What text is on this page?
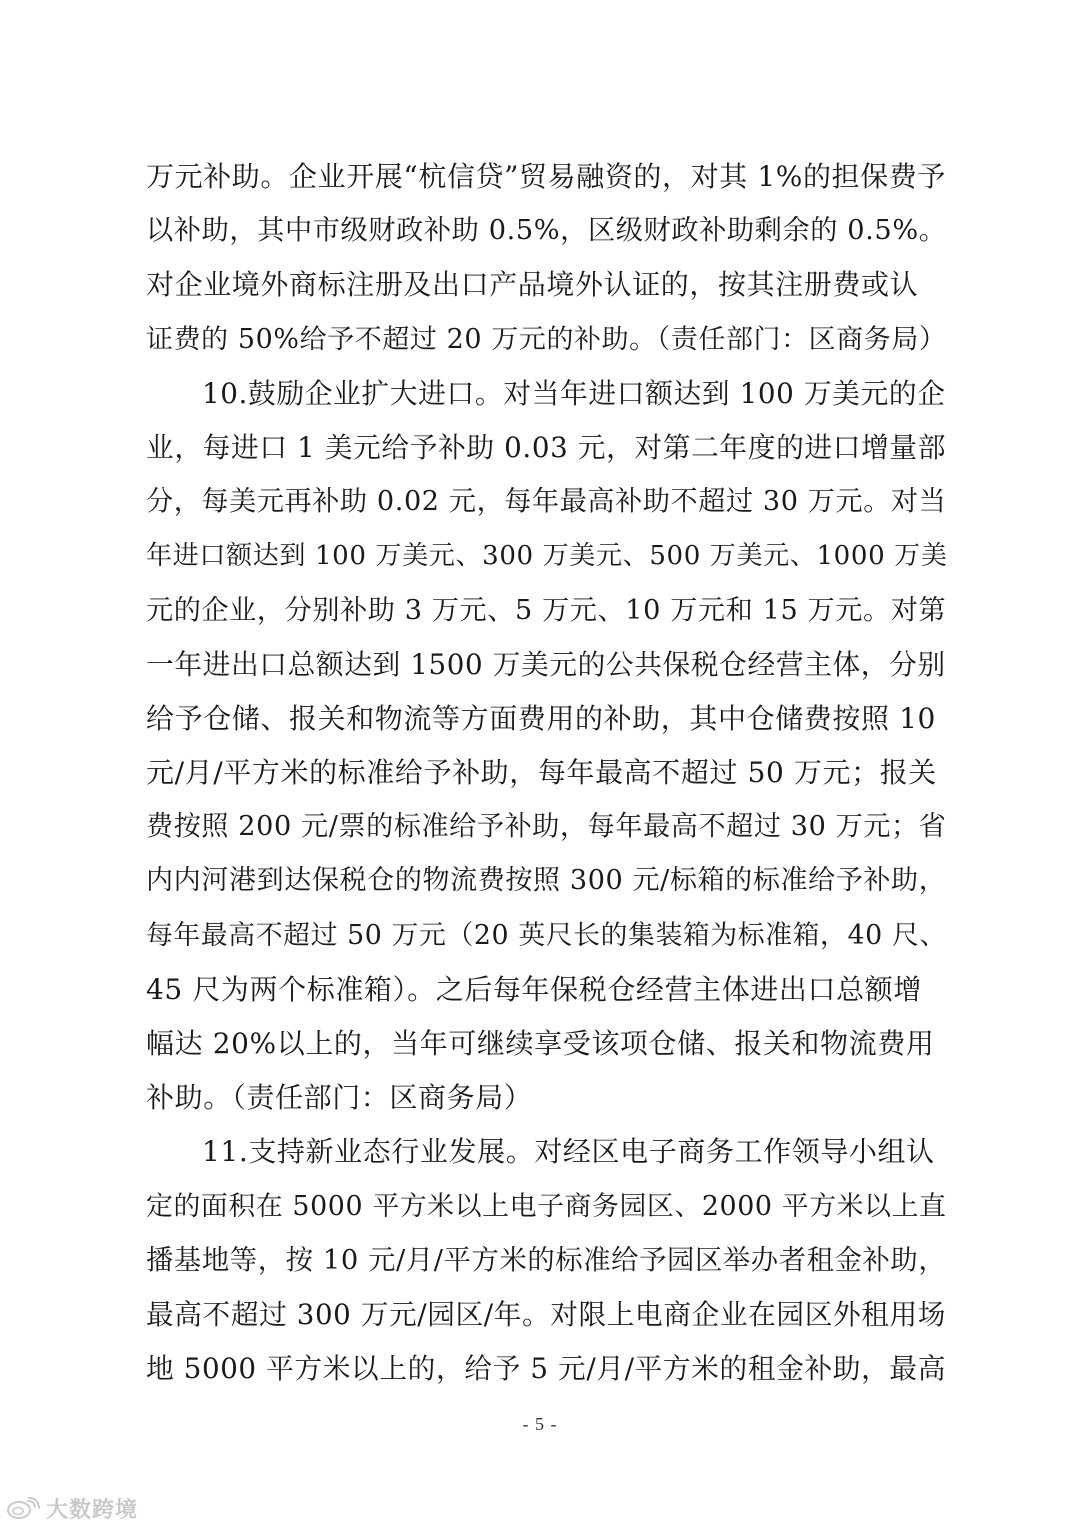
万元补助。企业开展“杭信贷”贸易融资的，对其 1%的担保费予
以补助，其中市级财政补助 0.5%，区级财政补助剩余的 0.5%。
对企业境外商标注册及出口产品境外认证的，按其注册费或认
证费的 50%给予不超过 20 万元的补助。（责任部门：区商务局）
10.鼓励企业扩大进口。对当年进口额达到 100 万美元的企
业，每进口 1 美元给予补助 0.03 元，对第二年度的进口增量部
分，每美元再补助 0.02 元，每年最高补助不超过 30 万元。对当
年进口额达到 100 万美元、300 万美元、500 万美元、1000 万美
元的企业，分别补助 3 万元、5 万元、10 万元和 15 万元。对第
一年进出口总额达到 1500 万美元的公共保税仓经营主体，分别
给予仓储、报关和物流等方面费用的补助，其中仓储费按照 10
元/月/平方米的标准给予补助，每年最高不超过 50 万元；报关
费按照 200 元/票的标准给予补助，每年最高不超过 30 万元；省
内内河港到达保税仓的物流费按照 300 元/标箱的标准给予补助，
每年最高不超过 50 万元（20 英尺长的集装箱为标准箱，40 尺、
45 尺为两个标准箱）。之后每年保税仓经营主体进出口总额增
幅达 20%以上的，当年可继续享受该项仓储、报关和物流费用
补助。（责任部门：区商务局）
11.支持新业态行业发展。对经区电子商务工作领导小组认
定的面积在 5000 平方米以上电子商务园区、2000 平方米以上直
播基地等，按 10 元/月/平方米的标准给予园区举办者租金补助，
最高不超过 300 万元/园区/年。对限上电商企业在园区外租用场
地 5000 平方米以上的，给予 5 元/月/平方米的租金补助，最高
- 5 -
大数跨境
